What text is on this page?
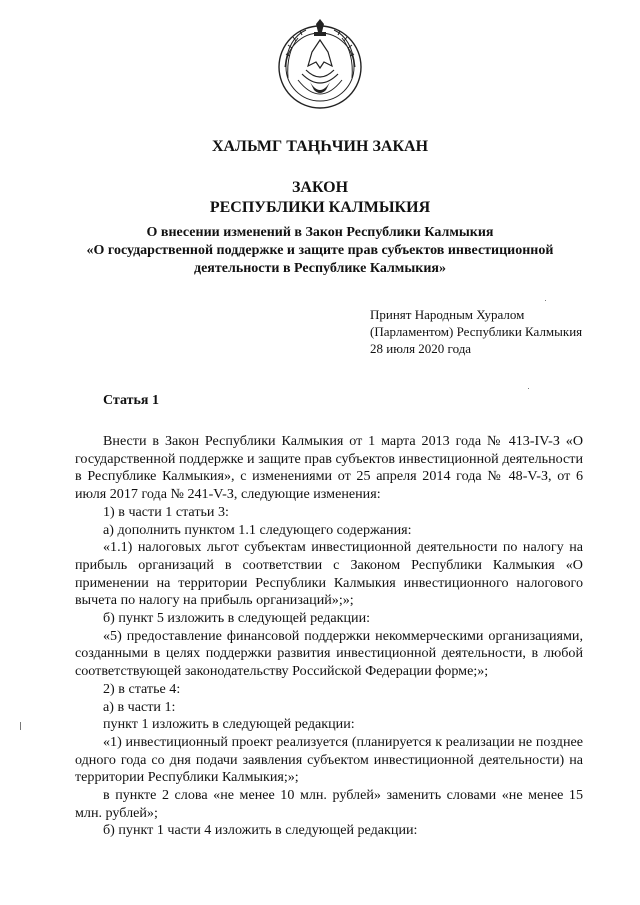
ХАЛЬМГ ТАҢҺЧИН ЗАКАН
ЗАКОН
РЕСПУБЛИКИ КАЛМЫКИЯ
О внесении изменений в Закон Республики Калмыкия
«О государственной поддержке и защите прав субъектов инвестиционной
деятельности в Республике Калмыкия»
Принят Народным Хуралом
(Парламентом) Республики Калмыкия
28 июля 2020 года
Статья 1

Внести в Закон Республики Калмыкия от 1 марта 2013 года № 413-IV-З «О государственной поддержке и защите прав субъектов инвестиционной деятельности в Республике Калмыкия», с изменениями от 25 апреля 2014 года № 48-V-З, от 6 июля 2017 года № 241-V-З, следующие изменения:

1) в части 1 статьи 3:

а) дополнить пунктом 1.1 следующего содержания:

«1.1) налоговых льгот субъектам инвестиционной деятельности по налогу на прибыль организаций в соответствии с Законом Республики Калмыкия «О применении на территории Республики Калмыкия инвестиционного налогового вычета по налогу на прибыль организаций»;»;

б) пункт 5 изложить в следующей редакции:

«5) предоставление финансовой поддержки некоммерческими организациями, созданными в целях поддержки развития инвестиционной деятельности, в любой соответствующей законодательству Российской Федерации форме;»;

2) в статье 4:

а) в части 1:

пункт 1 изложить в следующей редакции:

«1) инвестиционный проект реализуется (планируется к реализации не позднее одного года со дня подачи заявления субъектом инвестиционной деятельности) на территории Республики Калмыкия;»;

в пункте 2 слова «не менее 10 млн. рублей» заменить словами «не менее 15 млн. рублей»;

б) пункт 1 части 4 изложить в следующей редакции:
